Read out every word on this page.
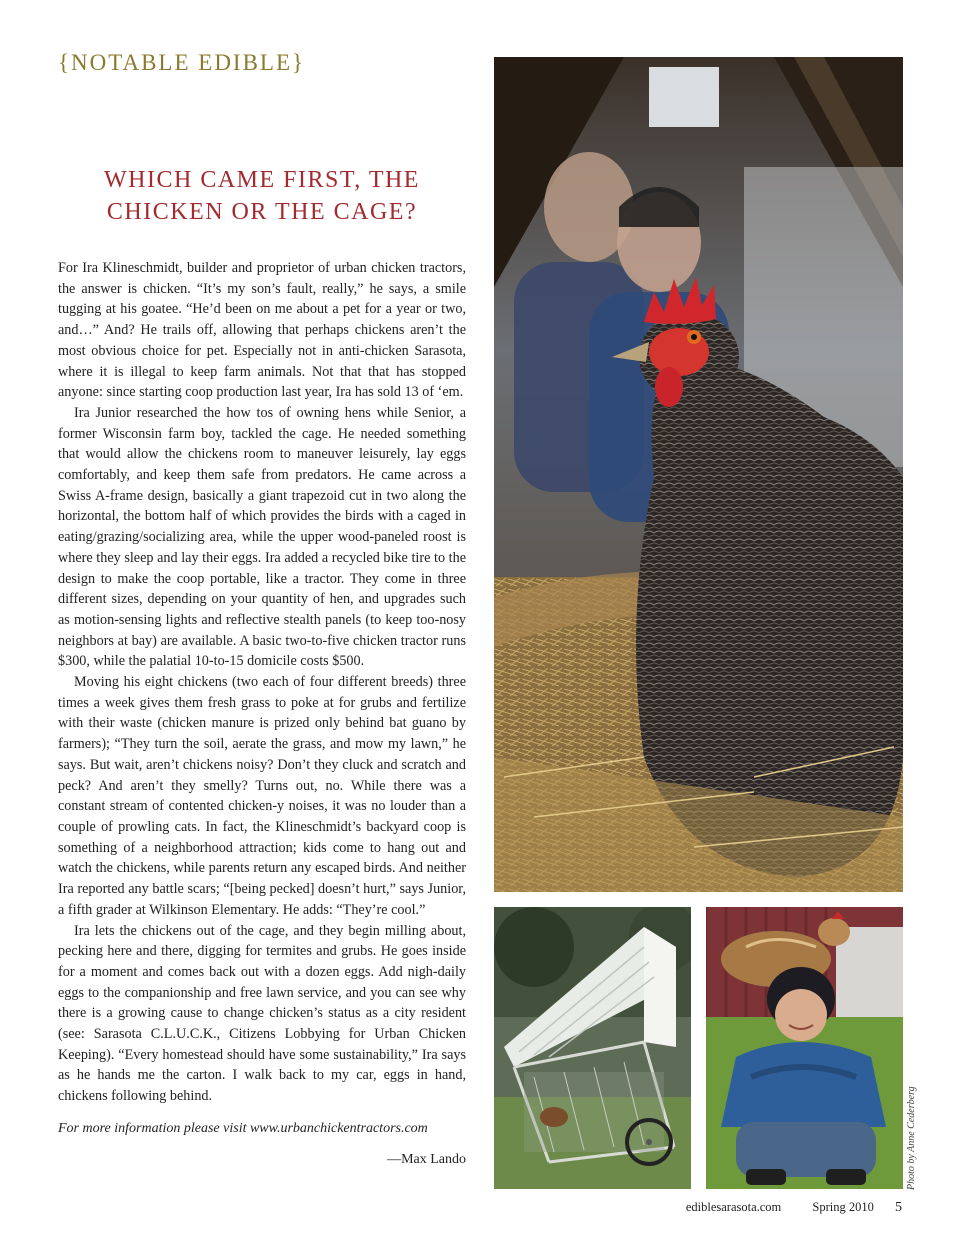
{NOTABLE EDIBLE}
WHICH CAME FIRST, THE
CHICKEN OR THE CAGE?

For Ira Klineschmidt, builder and proprietor of urban chicken tractors, the answer is chicken. “It’s my son’s fault, really,” he says, a smile tugging at his goatee. “He’d been on me about a pet for a year or two, and…” And? He trails off, allowing that perhaps chickens aren’t the most obvious choice for pet. Especially not in anti-chicken Sarasota, where it is illegal to keep farm animals. Not that that has stopped anyone: since starting coop production last year, Ira has sold 13 of ‘em.

Ira Junior researched the how tos of owning hens while Senior, a former Wisconsin farm boy, tackled the cage. He needed something that would allow the chickens room to maneuver leisurely, lay eggs comfortably, and keep them safe from predators. He came across a Swiss A-frame design, basically a giant trapezoid cut in two along the horizontal, the bottom half of which provides the birds with a caged in eating/grazing/socializing area, while the upper wood-paneled roost is where they sleep and lay their eggs. Ira added a recycled bike tire to the design to make the coop portable, like a tractor. They come in three different sizes, depending on your quantity of hen, and upgrades such as motion-sensing lights and reflective stealth panels (to keep too-nosy neighbors at bay) are available. A basic two-to-five chicken tractor runs $300, while the palatial 10-to-15 domicile costs $500.

Moving his eight chickens (two each of four different breeds) three times a week gives them fresh grass to poke at for grubs and fertilize with their waste (chicken manure is prized only behind bat guano by farmers); “They turn the soil, aerate the grass, and mow my lawn,” he says. But wait, aren’t chickens noisy? Don’t they cluck and scratch and peck? And aren’t they smelly? Turns out, no. While there was a constant stream of contented chicken-y noises, it was no louder than a couple of prowling cats. In fact, the Klineschmidt’s backyard coop is something of a neighborhood attraction; kids come to hang out and watch the chickens, while parents return any escaped birds. And neither Ira reported any battle scars; “[being pecked] doesn’t hurt,” says Junior, a fifth grader at Wilkinson Elementary. He adds: “They’re cool.”

Ira lets the chickens out of the cage, and they begin milling about, pecking here and there, digging for termites and grubs. He goes inside for a moment and comes back out with a dozen eggs. Add nigh-daily eggs to the companionship and free lawn service, and you can see why there is a growing cause to change chicken’s status as a city resident (see: Sarasota C.L.U.C.K., Citizens Lobbying for Urban Chicken Keeping). “Every homestead should have some sustainability,” Ira says as he hands me the carton. I walk back to my car, eggs in hand, chickens following behind.

For more information please visit www.urbanchickentractors.com
—Max Lando	Photo by Anne Cederberg
ediblesarasota.com Spring 2010 5
